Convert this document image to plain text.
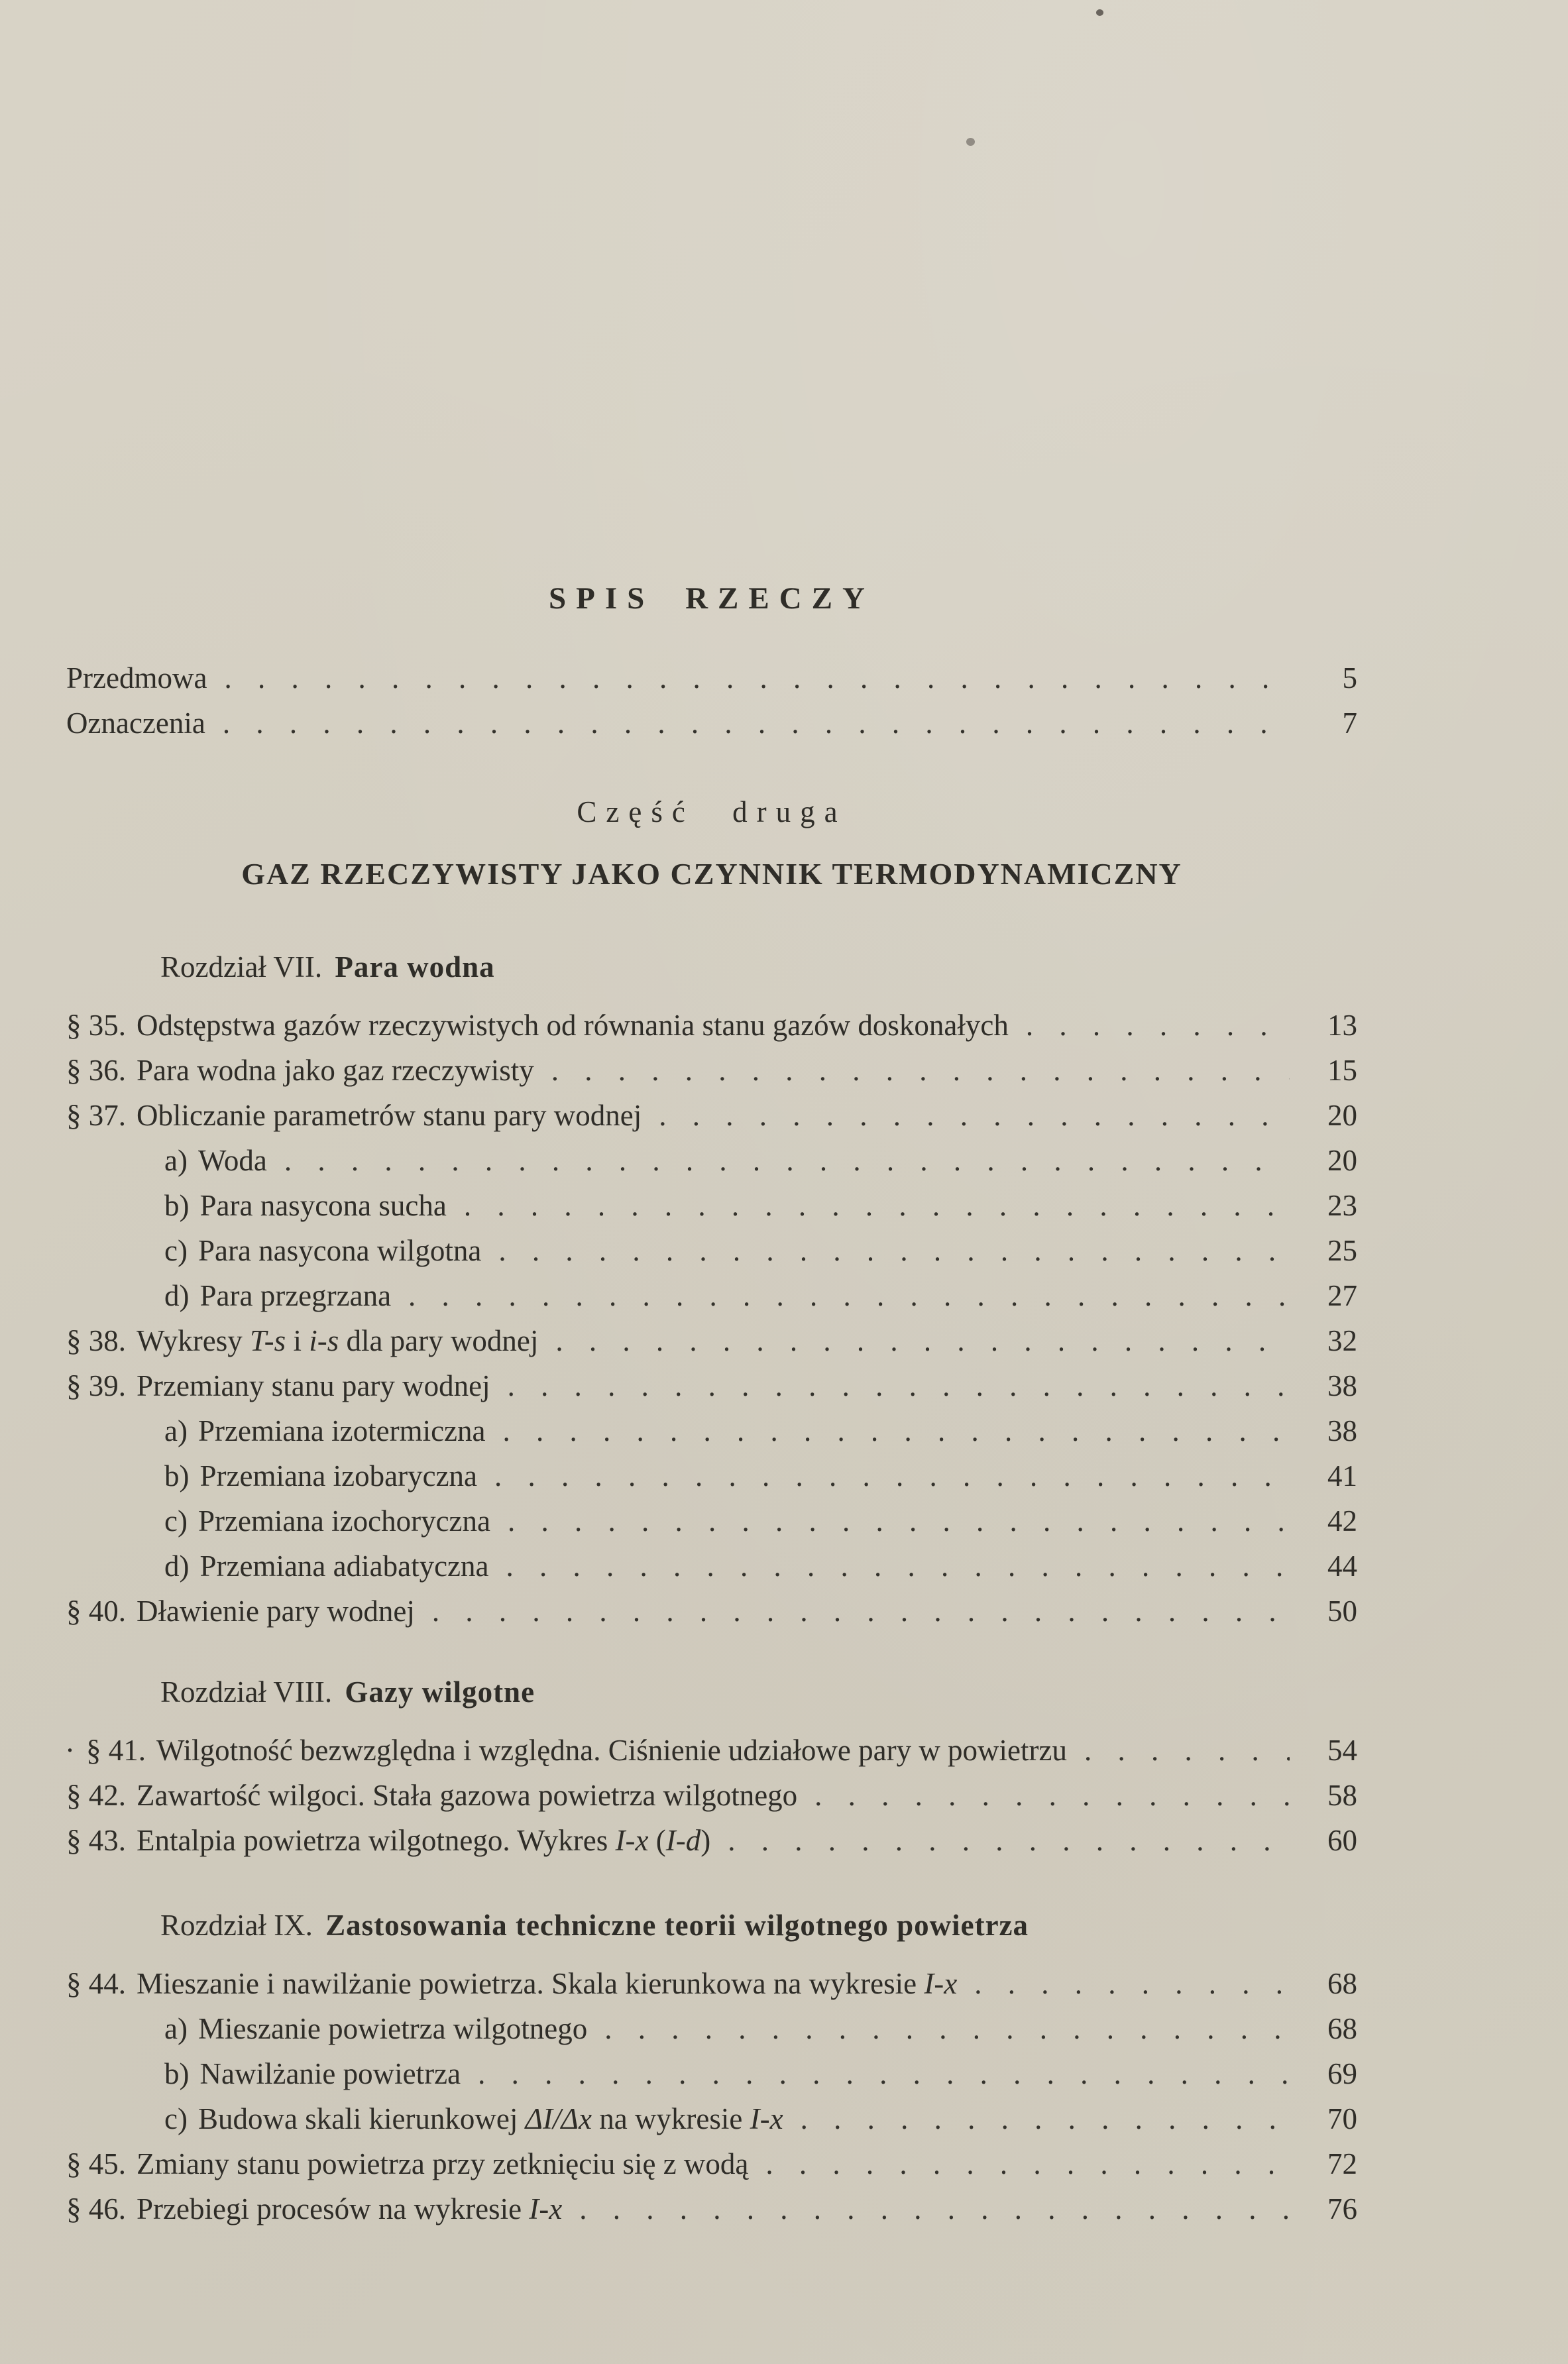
SPIS RZECZY
Przedmowa . . .	5
Oznaczenia . . .	7
Część druga
GAZ RZECZYWISTY JAKO CZYNNIK TERMODYNAMICZNY
Rozdział VII. Para wodna
§ 35. Odstępstwa gazów rzeczywistych od równania stanu gazów doskonałych . . .	13
§ 36. Para wodna jako gaz rzeczywisty . . .	15
§ 37. Obliczanie parametrów stanu pary wodnej . . .	20
a) Woda . . .	20
b) Para nasycona sucha . . .	23
c) Para nasycona wilgotna . . .	25
d) Para przegrzana . . .	27
§ 38. Wykresy T-s i i-s dla pary wodnej . . .	32
§ 39. Przemiany stanu pary wodnej . . .	38
a) Przemiana izotermiczna . . .	38
b) Przemiana izobaryczna . . .	41
c) Przemiana izochoryczna . . .	42
d) Przemiana adiabatyczna . . .	44
§ 40. Dławienie pary wodnej . . .	50
Rozdział VIII. Gazy wilgotne
· § 41. Wilgotność bezwzględna i względna. Ciśnienie udziałowe pary w powietrzu . . .	54
§ 42. Zawartość wilgoci. Stała gazowa powietrza wilgotnego . . .	58
§ 43. Entalpia powietrza wilgotnego. Wykres I-x (I-d) . . .	60
Rozdział IX. Zastosowania techniczne teorii wilgotnego powietrza
§ 44. Mieszanie i nawilżanie powietrza. Skala kierunkowa na wykresie I-x . . .	68
a) Mieszanie powietrza wilgotnego . . .	68
b) Nawilżanie powietrza . . .	69
c) Budowa skali kierunkowej ΔI/Δx na wykresie I-x . . .	70
§ 45. Zmiany stanu powietrza przy zetknięciu się z wodą . . .	72
§ 46. Przebiegi procesów na wykresie I-x . . .	76
